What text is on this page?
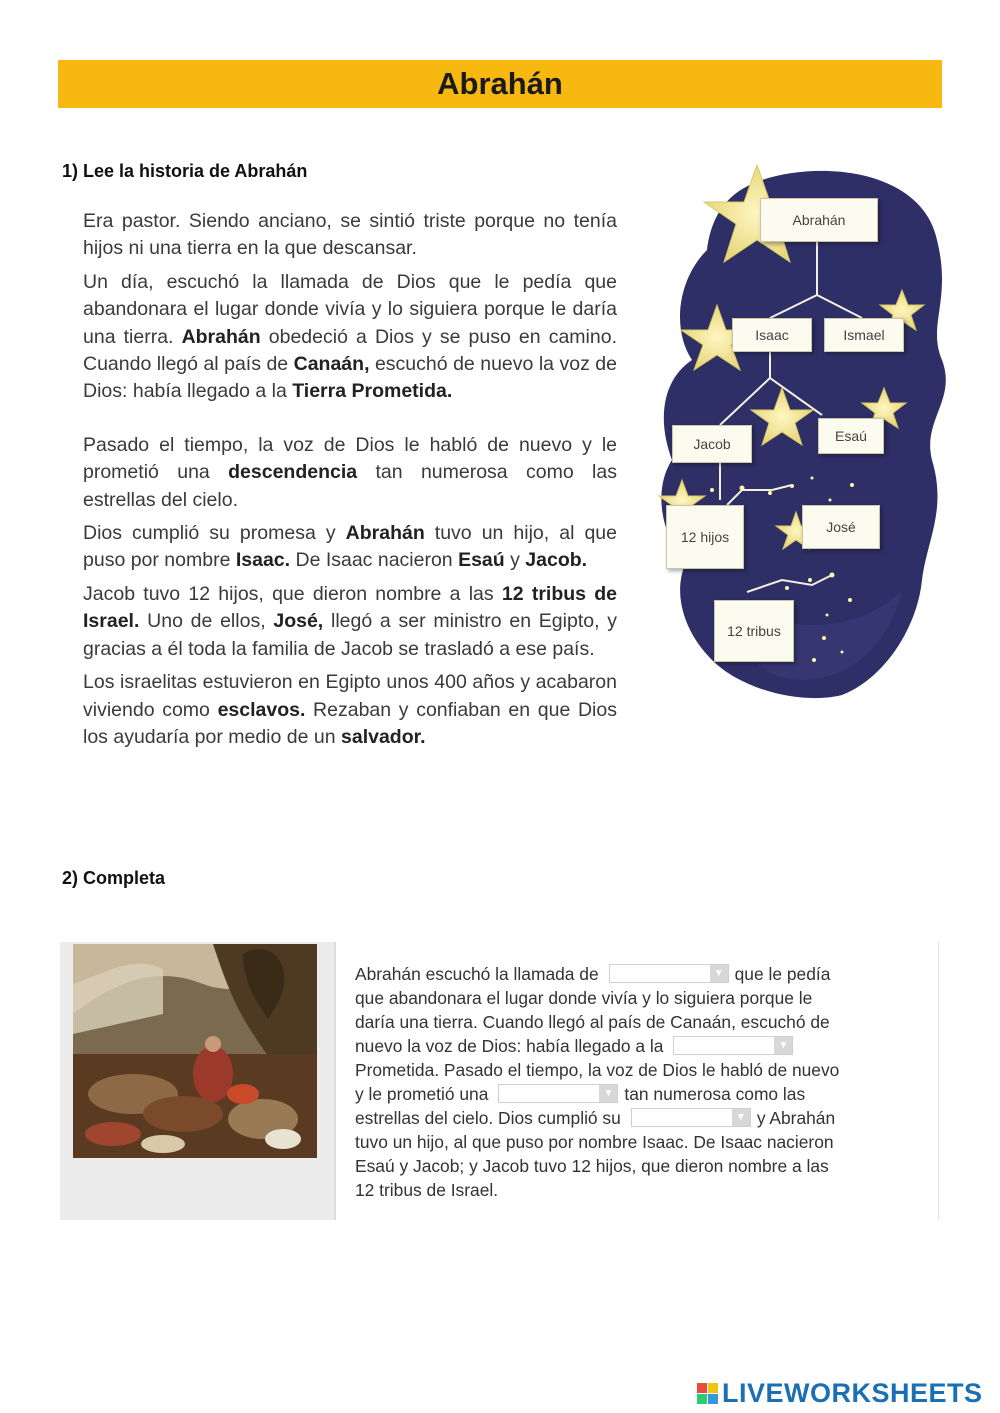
Abrahán
1) Lee la historia de Abrahán

Era pastor. Siendo anciano, se sintió triste porque no tenía hijos ni una tierra en la que descansar.

Un día, escuchó la llamada de Dios que le pedía que abandonara el lugar donde vivía y lo siguiera porque le daría una tierra. Abrahán obedeció a Dios y se puso en camino. Cuando llegó al país de Canaán, escuchó de nuevo la voz de Dios: había llegado a la Tierra Prometida.

Pasado el tiempo, la voz de Dios le habló de nuevo y le prometió una descendencia tan numerosa como las estrellas del cielo.

Dios cumplió su promesa y Abrahán tuvo un hijo, al que puso por nombre Isaac. De Isaac nacieron Esaú y Jacob.

Jacob tuvo 12 hijos, que dieron nombre a las 12 tribus de Israel. Uno de ellos, José, llegó a ser ministro en Egipto, y gracias a él toda la familia de Jacob se trasladó a ese país.

Los israelitas estuvieron en Egipto unos 400 años y acabaron viviendo como esclavos. Rezaban y confiaban en que Dios los ayudaría por medio de un salvador.

Abrahán
Isaac	Ismael
Jacob	Esaú
12 hijos
José
12 tribus
2) Completa
Abrahán escuchó la llamada de	▼ que le pedía
que abandonara el lugar donde vivía y lo siguiera porque le
daría una tierra. Cuando llegó al país de Canaán, escuchó de
nuevo la voz de Dios: había llegado a la	▼
Prometida. Pasado el tiempo, la voz de Dios le habló de nuevo
y le prometió una	▼ tan numerosa como las
estrellas del cielo. Dios cumplió su	▼ y Abrahán
tuvo un hijo, al que puso por nombre Isaac. De Isaac nacieron
Esaú y Jacob; y Jacob tuvo 12 hijos, que dieron nombre a las
12 tribus de Israel.
LIVEWORKSHEETS
